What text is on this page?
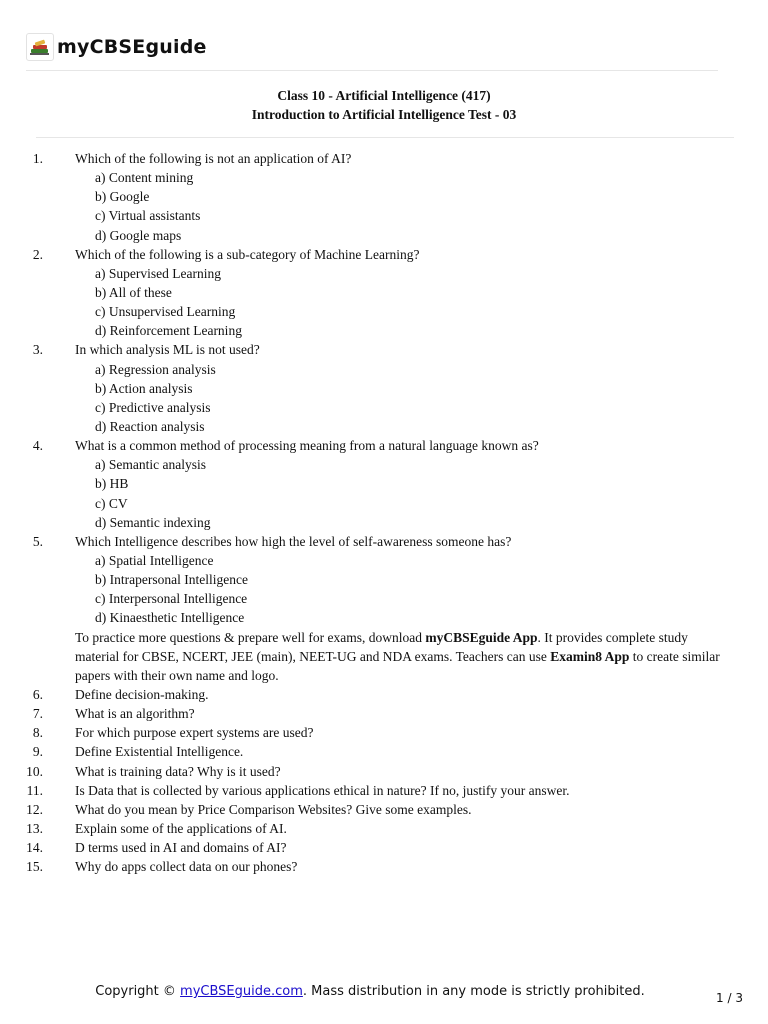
myCBSEguide
Class 10 - Artificial Intelligence (417)
Introduction to Artificial Intelligence Test - 03
1. Which of the following is not an application of AI?
a) Content mining
b) Google
c) Virtual assistants
d) Google maps
2. Which of the following is a sub-category of Machine Learning?
a) Supervised Learning
b) All of these
c) Unsupervised Learning
d) Reinforcement Learning
3. In which analysis ML is not used?
a) Regression analysis
b) Action analysis
c) Predictive analysis
d) Reaction analysis
4. What is a common method of processing meaning from a natural language known as?
a) Semantic analysis
b) HB
c) CV
d) Semantic indexing
5. Which Intelligence describes how high the level of self-awareness someone has?
a) Spatial Intelligence
b) Intrapersonal Intelligence
c) Interpersonal Intelligence
d) Kinaesthetic Intelligence
To practice more questions & prepare well for exams, download myCBSEguide App. It provides complete study material for CBSE, NCERT, JEE (main), NEET-UG and NDA exams. Teachers can use Examin8 App to create similar papers with their own name and logo.
6. Define decision-making.
7. What is an algorithm?
8. For which purpose expert systems are used?
9. Define Existential Intelligence.
10. What is training data? Why is it used?
11. Is Data that is collected by various applications ethical in nature? If no, justify your answer.
12. What do you mean by Price Comparison Websites? Give some examples.
13. Explain some of the applications of AI.
14. D terms used in AI and domains of AI?
15. Why do apps collect data on our phones?
Copyright © myCBSEguide.com. Mass distribution in any mode is strictly prohibited.	1 / 3
